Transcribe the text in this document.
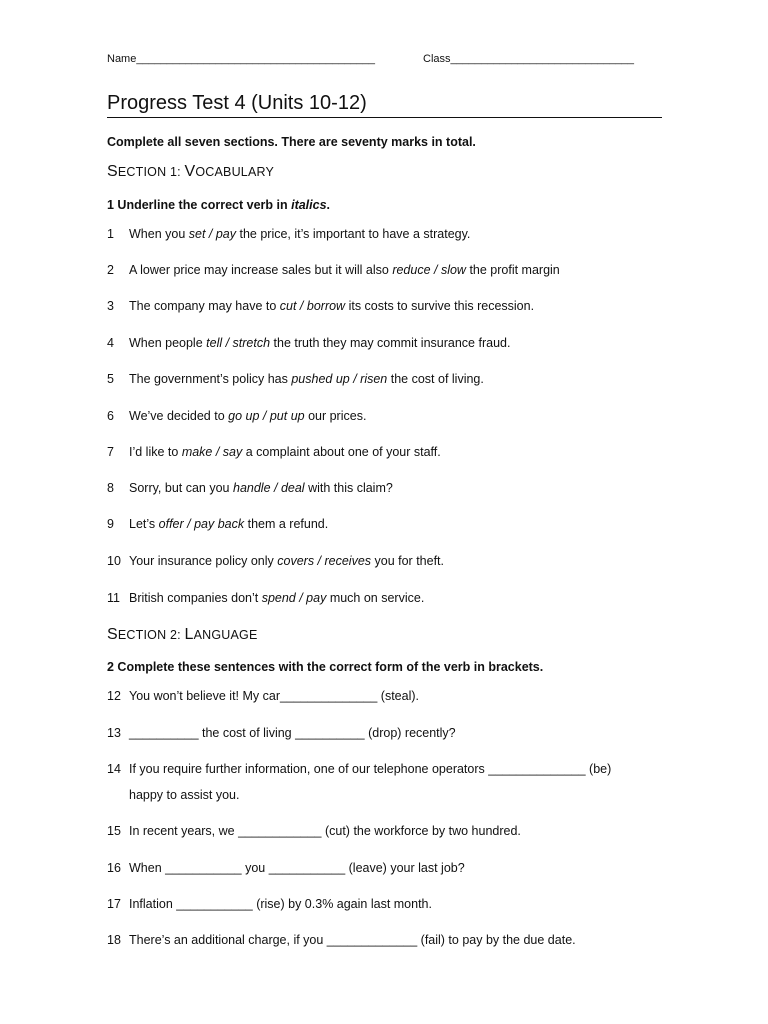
Name_______________________________________	Class______________________________
Progress Test 4 (Units 10-12)
Complete all seven sections. There are seventy marks in total.
SECTION 1: VOCABULARY
1 Underline the correct verb in italics.
1 When you set / pay the price, it’s important to have a strategy.
2 A lower price may increase sales but it will also reduce / slow the profit margin
3 The company may have to cut / borrow its costs to survive this recession.
4 When people tell / stretch the truth they may commit insurance fraud.
5 The government’s policy has pushed up / risen the cost of living.
6 We’ve decided to go up / put up our prices.
7 I’d like to make / say a complaint about one of your staff.
8 Sorry, but can you handle / deal with this claim?
9 Let’s offer / pay back them a refund.
10 Your insurance policy only covers / receives you for theft.
11 British companies don’t spend / pay much on service.
SECTION 2: LANGUAGE
2 Complete these sentences with the correct form of the verb in brackets.
12 You won’t believe it! My car______________ (steal).
13 __________ the cost of living __________ (drop) recently?
14 If you require further information, one of our telephone operators ______________ (be)
happy to assist you.
15 In recent years, we ____________ (cut) the workforce by two hundred.
16 When ___________ you ___________ (leave) your last job?
17 Inflation ___________ (rise) by 0.3% again last month.
18 There’s an additional charge, if you _____________ (fail) to pay by the due date.
